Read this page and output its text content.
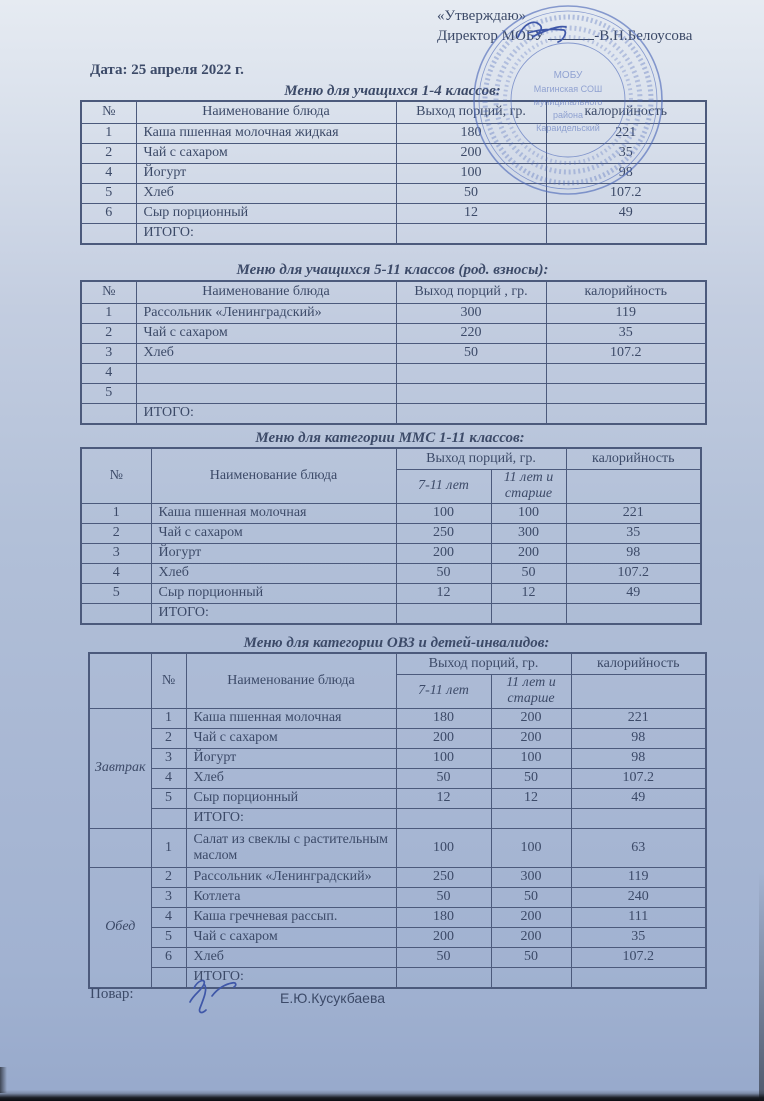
«Утверждаю»
Директор МОБУ	-В.Н.Белоусова
МОБУ
Магинская СОШ
муниципального
района
Караидельский
Дата: 25 апреля 2022 г.
Меню для учащихся 1-4 классов:
№	Наименование блюда	Выход порций, гр.	калорийность
1	Каша пшенная молочная жидкая	180	221
2	Чай с сахаром	200	35
4	Йогурт	100	98
5	Хлеб	50	107.2
6	Сыр порционный	12	49
	ИТОГО:		
Меню для учащихся 5-11 классов (род. взносы):
№	Наименование блюда	Выход порций , гр.	калорийность
1	Рассольник «Ленинградский»	300	119
2	Чай с сахаром	220	35
3	Хлеб	50	107.2
4			
5			
	ИТОГО:		
Меню для категории ММС 1-11 классов:
№	Наименование блюда	Выход порций, гр.		калорийность
		7-11 лет	11 лет и старше	
1	Каша пшенная молочная	100	100	221
2	Чай с сахаром	250	300	35
3	Йогурт	200	200	98
4	Хлеб	50	50	107.2
5	Сыр порционный	12	12	49
	ИТОГО:			
Меню для категории ОВЗ и детей-инвалидов:
	№	Наименование блюда	Выход порций, гр.		калорийность
			7-11 лет	11 лет и старше	
Завтрак	1	Каша пшенная молочная	180	200	221
	2	Чай с сахаром	200	200	98
	3	Йогурт	100	100	98
	4	Хлеб	50	50	107.2
	5	Сыр порционный	12	12	49
		ИТОГО:			
	1	Салат из свеклы с растительным маслом	100	100	63
Обед	2	Рассольник «Ленинградский»	250	300	119
	3	Котлета	50	50	240
	4	Каша гречневая рассып.	180	200	111
	5	Чай с сахаром	200	200	35
	6	Хлеб	50	50	107.2
		ИТОГО:			
Повар:	Е.Ю.Кусукбаева
